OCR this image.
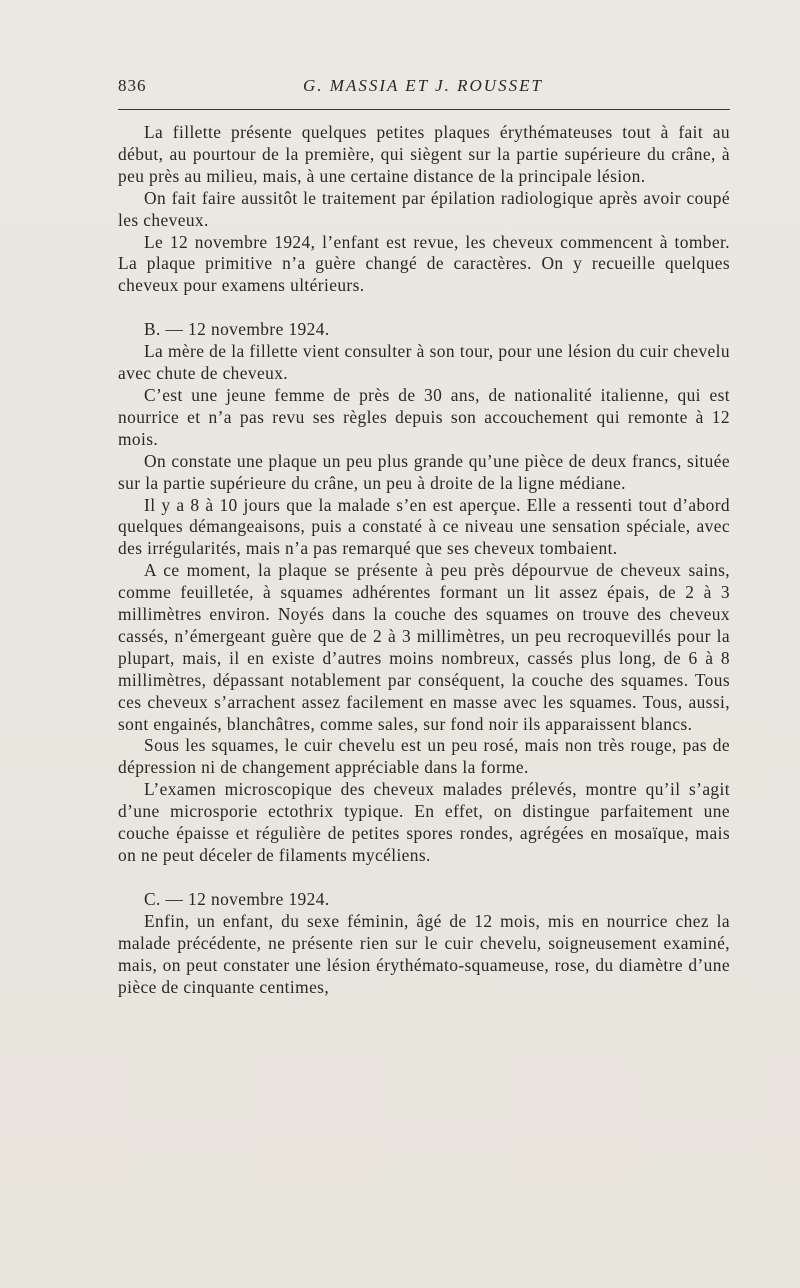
836	G. MASSIA ET J. ROUSSET

La fillette présente quelques petites plaques érythémateuses tout à fait au début, au pourtour de la première, qui siègent sur la partie supérieure du crâne, à peu près au milieu, mais, à une certaine distance de la principale lésion.

On fait faire aussitôt le traitement par épilation radiologique après avoir coupé les cheveux.

Le 12 novembre 1924, l’enfant est revue, les cheveux commencent à tomber. La plaque primitive n’a guère changé de caractères. On y recueille quelques cheveux pour examens ultérieurs.

B. — 12 novembre 1924.

La mère de la fillette vient consulter à son tour, pour une lésion du cuir chevelu avec chute de cheveux.

C’est une jeune femme de près de 30 ans, de nationalité italienne, qui est nourrice et n’a pas revu ses règles depuis son accouchement qui remonte à 12 mois.

On constate une plaque un peu plus grande qu’une pièce de deux francs, située sur la partie supérieure du crâne, un peu à droite de la ligne médiane.

Il y a 8 à 10 jours que la malade s’en est aperçue. Elle a ressenti tout d’abord quelques démangeaisons, puis a constaté à ce niveau une sensation spéciale, avec des irrégularités, mais n’a pas remarqué que ses cheveux tombaient.

A ce moment, la plaque se présente à peu près dépourvue de cheveux sains, comme feuilletée, à squames adhérentes formant un lit assez épais, de 2 à 3 millimètres environ. Noyés dans la couche des squames on trouve des cheveux cassés, n’émergeant guère que de 2 à 3 millimètres, un peu recroquevillés pour la plupart, mais, il en existe d’autres moins nombreux, cassés plus long, de 6 à 8 millimètres, dépassant notablement par conséquent, la couche des squames. Tous ces cheveux s’arrachent assez facilement en masse avec les squames. Tous, aussi, sont engainés, blanchâtres, comme sales, sur fond noir ils apparaissent blancs.

Sous les squames, le cuir chevelu est un peu rosé, mais non très rouge, pas de dépression ni de changement appréciable dans la forme.

L’examen microscopique des cheveux malades prélevés, montre qu’il s’agit d’une microsporie ectothrix typique. En effet, on distingue parfaitement une couche épaisse et régulière de petites spores rondes, agrégées en mosaïque, mais on ne peut déceler de filaments mycéliens.

C. — 12 novembre 1924.

Enfin, un enfant, du sexe féminin, âgé de 12 mois, mis en nourrice chez la malade précédente, ne présente rien sur le cuir chevelu, soigneusement examiné, mais, on peut constater une lésion érythémato-squameuse, rose, du diamètre d’une pièce de cinquante centimes,
